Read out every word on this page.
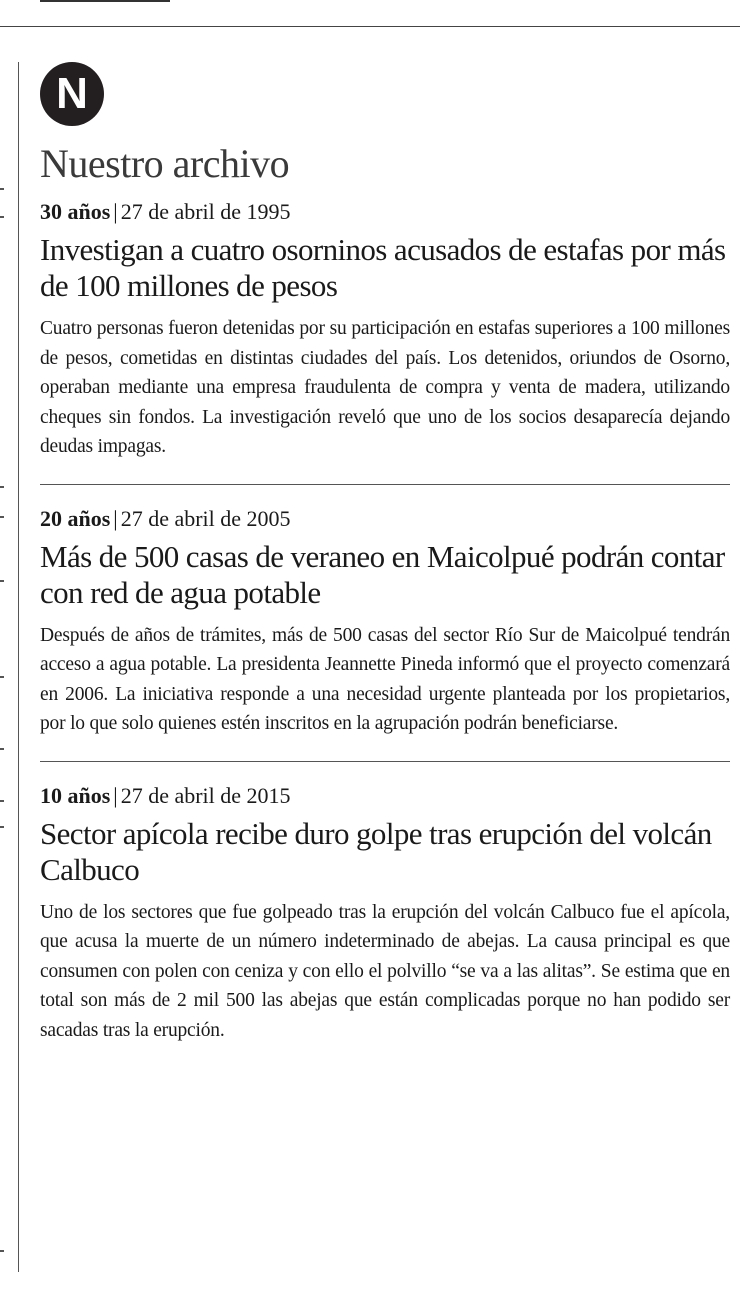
N
Nuestro archivo

30 años | 27 de abril de 1995

Investigan a cuatro osorninos acusados de estafas por más de 100 millones de pesos

Cuatro personas fueron detenidas por su participación en estafas superiores a 100 millones de pesos, cometidas en distintas ciudades del país. Los detenidos, oriundos de Osorno, operaban mediante una empresa fraudulenta de compra y venta de madera, utilizando cheques sin fondos. La investigación reveló que uno de los socios desaparecía dejando deudas impagas.

20 años | 27 de abril de 2005

Más de 500 casas de veraneo en Maicolpué podrán contar con red de agua potable

Después de años de trámites, más de 500 casas del sector Río Sur de Maicolpué tendrán acceso a agua potable. La presidenta Jeannette Pineda informó que el proyecto comenzará en 2006. La iniciativa responde a una necesidad urgente planteada por los propietarios, por lo que solo quienes estén inscritos en la agrupación podrán beneficiarse.

10 años | 27 de abril de 2015

Sector apícola recibe duro golpe tras erupción del volcán Calbuco

Uno de los sectores que fue golpeado tras la erupción del volcán Calbuco fue el apícola, que acusa la muerte de un número indeterminado de abejas. La causa principal es que consumen con polen con ceniza y con ello el polvillo “se va a las alitas”. Se estima que en total son más de 2 mil 500 las abejas que están complicadas porque no han podido ser sacadas tras la erupción.
